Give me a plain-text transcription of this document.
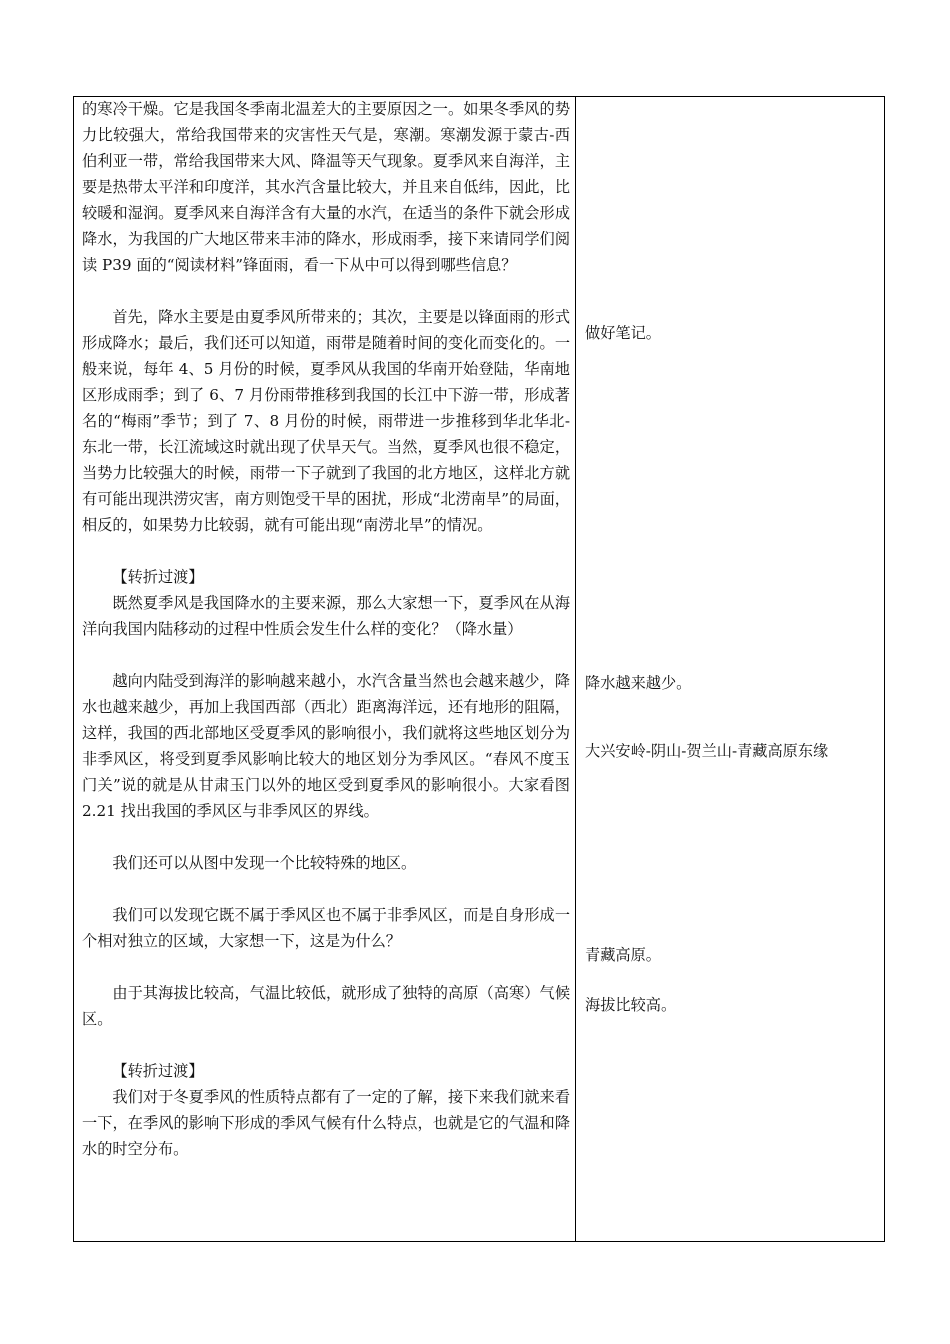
的寒冷干燥。它是我国冬季南北温差大的主要原因之一。如果冬季风的势力比较强大，常给我国带来的灾害性天气是，寒潮。寒潮发源于蒙古-西伯利亚一带，常给我国带来大风、降温等天气现象。夏季风来自海洋，主要是热带太平洋和印度洋，其水汽含量比较大，并且来自低纬，因此，比较暖和湿润。夏季风来自海洋含有大量的水汽，在适当的条件下就会形成降水，为我国的广大地区带来丰沛的降水，形成雨季，接下来请同学们阅读 P39 面的“阅读材料”锋面雨，看一下从中可以得到哪些信息？

首先，降水主要是由夏季风所带来的；其次，主要是以锋面雨的形式形成降水；最后，我们还可以知道，雨带是随着时间的变化而变化的。一般来说，每年 4、5 月份的时候，夏季风从我国的华南开始登陆，华南地区形成雨季；到了 6、7 月份雨带推移到我国的长江中下游一带，形成著名的“梅雨”季节；到了 7、8 月份的时候，雨带进一步推移到华北华北-东北一带，长江流域这时就出现了伏旱天气。当然，夏季风也很不稳定，当势力比较强大的时候，雨带一下子就到了我国的北方地区，这样北方就有可能出现洪涝灾害，南方则饱受干旱的困扰，形成“北涝南旱”的局面，相反的，如果势力比较弱，就有可能出现“南涝北旱”的情况。

【转折过渡】

既然夏季风是我国降水的主要来源，那么大家想一下，夏季风在从海洋向我国内陆移动的过程中性质会发生什么样的变化？（降水量）

越向内陆受到海洋的影响越来越小，水汽含量当然也会越来越少，降水也越来越少，再加上我国西部（西北）距离海洋远，还有地形的阻隔，这样，我国的西北部地区受夏季风的影响很小，我们就将这些地区划分为非季风区，将受到夏季风影响比较大的地区划分为季风区。“春风不度玉门关”说的就是从甘肃玉门以外的地区受到夏季风的影响很小。大家看图 2.21 找出我国的季风区与非季风区的界线。

我们还可以从图中发现一个比较特殊的地区。

我们可以发现它既不属于季风区也不属于非季风区，而是自身形成一个相对独立的区域，大家想一下，这是为什么？

由于其海拔比较高，气温比较低，就形成了独特的高原（高寒）气候区。

【转折过渡】

我们对于冬夏季风的性质特点都有了一定的了解，接下来我们就来看一下，在季风的影响下形成的季风气候有什么特点，也就是它的气温和降水的时空分布。

做好笔记。

降水越来越少。

大兴安岭-阴山-贺兰山-青藏高原东缘

青藏高原。

海拔比较高。
